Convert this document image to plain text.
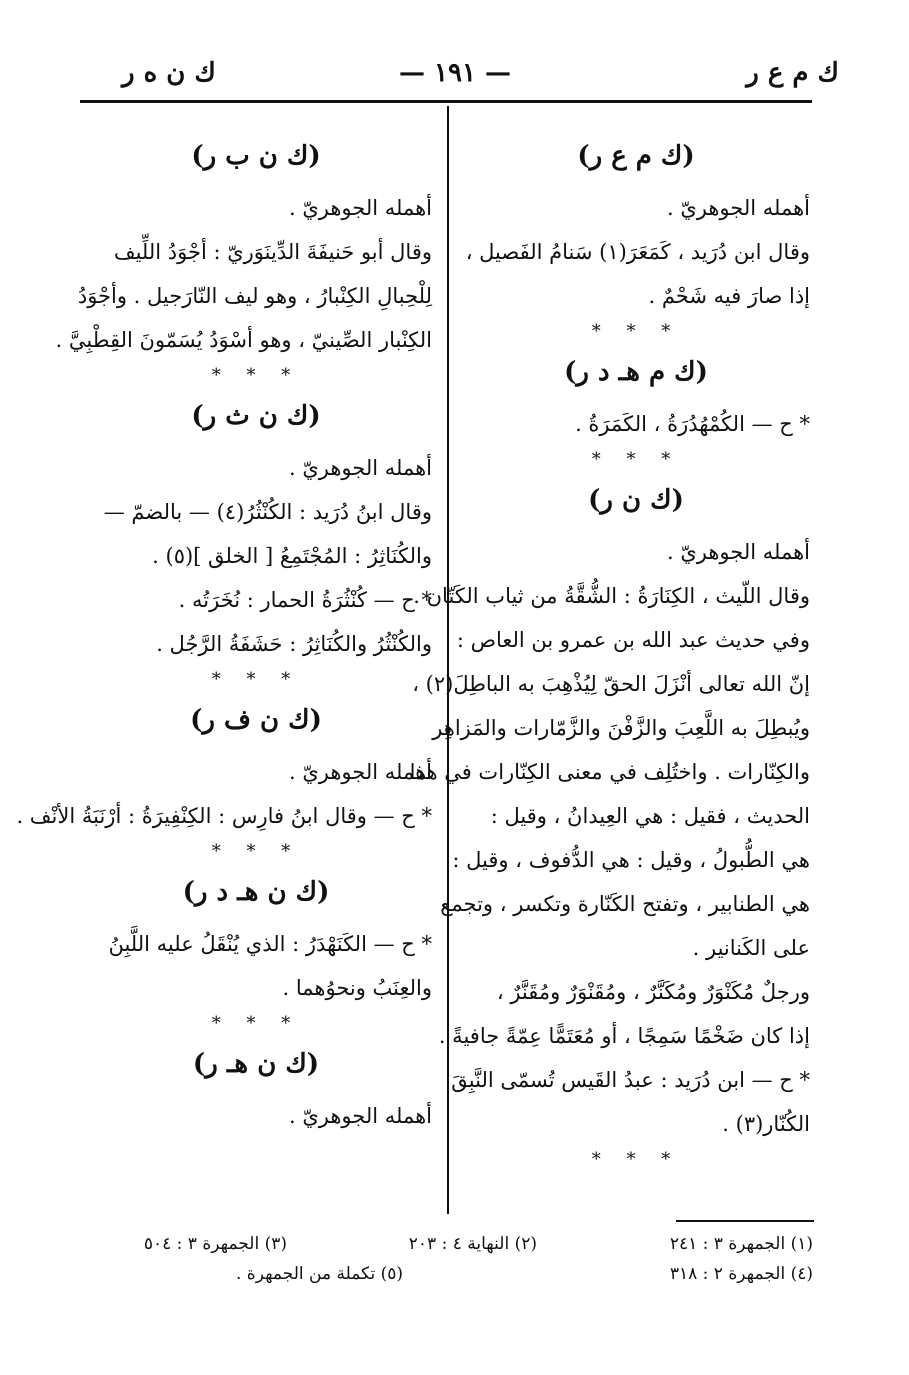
ك م ع ر
— ١٩١ —
ك ن ه ر
(ك م ع ر)

أهمله الجوهريّ .

وقال ابن دُرَيد ، كَمَعَرَ(١) سَنامُ الفَصيل ،

إذا صارَ فيه شَحْمٌ .

* * *
(ك م هـ د ر)

* ح — الكُمْهُدُرَةُ ، الكَمَرَةُ .

* * *
(ك ن ر)

أهمله الجوهريّ .

وقال اللّيث ، الكِنَارَةُ : الشُّقَّةُ من ثياب الكَتّان .

وفي حديث عبد الله بن عمرو بن العاص :

إنّ الله تعالى أنْزَلَ الحقّ لِيُذْهِبَ به الباطِلَ(٢) ،

ويُبطِلَ به اللَّعِبَ والزَّفْنَ والزَّمّارات والمَزاهِر

والكِنّارات . واختُلِف في معنى الكِنّارات في هذا

الحديث ، فقيل : هي العِيدانُ ، وقيل :

هي الطُّبولُ ، وقيل : هي الدُّفوف ، وقيل :

هي الطنابير ، وتفتح الكَنّارة وتكسر ، وتجمع

على الكَنانير .

ورجلٌ مُكَنْوَرٌ ومُكَنَّرٌ ، ومُقَنْوَرٌ ومُقَنَّرٌ ،

إذا كان ضَخْمًا سَمِجًا ، أو مُعَتَمًّا عِمّةً جافيةً .

* ح — ابن دُرَيد : عبدُ القَيس تُسمّى النَّبِقَ

الكُنّار(٣) .

* * *
(ك ن ب ر)

أهمله الجوهريّ .

وقال أبو حَنيفَةَ الدِّينَوَريّ : أجْوَدُ اللِّيف

لِلْحِبالِ الكِنْبارُ ، وهو ليف النّارَجيل . وأجْوَدُ

الكِنْبار الصِّينيّ ، وهو أسْوَدُ يُسَمّونَ القِطْبِيَّ .

* * *
(ك ن ث ر)

أهمله الجوهريّ .

وقال ابنُ دُرَيد : الكُنْثُرُ(٤) — بالضمّ —

والكُنَاثِرُ : المُجْتَمِعُ [ الخلق ](٥) .

* ح — كُنْثُرَةُ الحمار : نُخَرَتُه .

والكُنْثُرُ والكُنَاثِرُ : حَشَفَةُ الرَّجُل .

* * *
(ك ن ف ر)

أهمله الجوهريّ .

* ح — وقال ابنُ فارِس : الكِنْفِيرَةُ : أرْنَبَةُ الأنْف .

* * *
(ك ن هـ د ر)

* ح — الكَنَهْدَرُ : الذي يُنْقَلُ عليه اللَّبِنُ

والعِنَبُ ونحوُهما .

* * *
(ك ن هـ ر)

أهمله الجوهريّ .

(١) الجمهرة ٣ : ٢٤١
(٢) النهاية ٤ : ٢٠٣
(٣) الجمهرة ٣ : ٥٠٤
(٤) الجمهرة ٢ : ٣١٨
(٥) تكملة من الجمهرة .
